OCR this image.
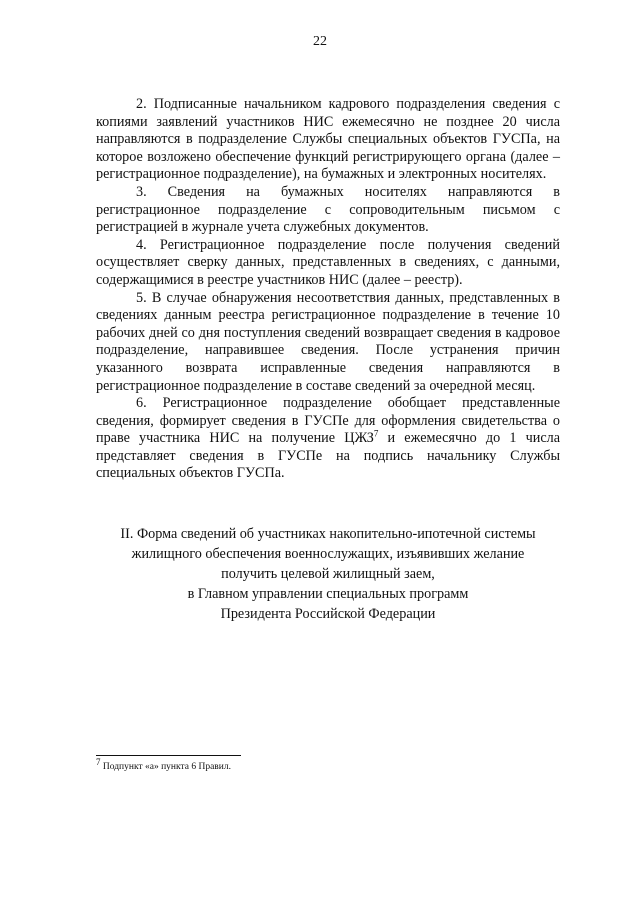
22

2. Подписанные начальником кадрового подразделения сведения с копиями заявлений участников НИС ежемесячно не позднее 20 числа направляются в подразделение Службы специальных объектов ГУСПа, на которое возложено обеспечение функций регистрирующего органа (далее – регистрационное подразделение), на бумажных и электронных носителях.

3. Сведения на бумажных носителях направляются в регистрационное подразделение с сопроводительным письмом с регистрацией в журнале учета служебных документов.

4. Регистрационное подразделение после получения сведений осуществляет сверку данных, представленных в сведениях, с данными, содержащимися в реестре участников НИС (далее – реестр).

5. В случае обнаружения несоответствия данных, представленных в сведениях данным реестра регистрационное подразделение в течение 10 рабочих дней со дня поступления сведений возвращает сведения в кадровое подразделение, направившее сведения. После устранения причин указанного возврата исправленные сведения направляются в регистрационное подразделение в составе сведений за очередной месяц.

6. Регистрационное подразделение обобщает представленные сведения, формирует сведения в ГУСПе для оформления свидетельства о праве участника НИС на получение ЦЖЗ$^7$ и ежемесячно до 1 числа представляет сведения в ГУСПе на подпись начальнику Службы специальных объектов ГУСПа.

II. Форма сведений об участниках накопительно-ипотечной системы
жилищного обеспечения военнослужащих, изъявивших желание
получить целевой жилищный заем,
в Главном управлении специальных программ
Президента Российской Федерации
7 Подпункт «а» пункта 6 Правил.
